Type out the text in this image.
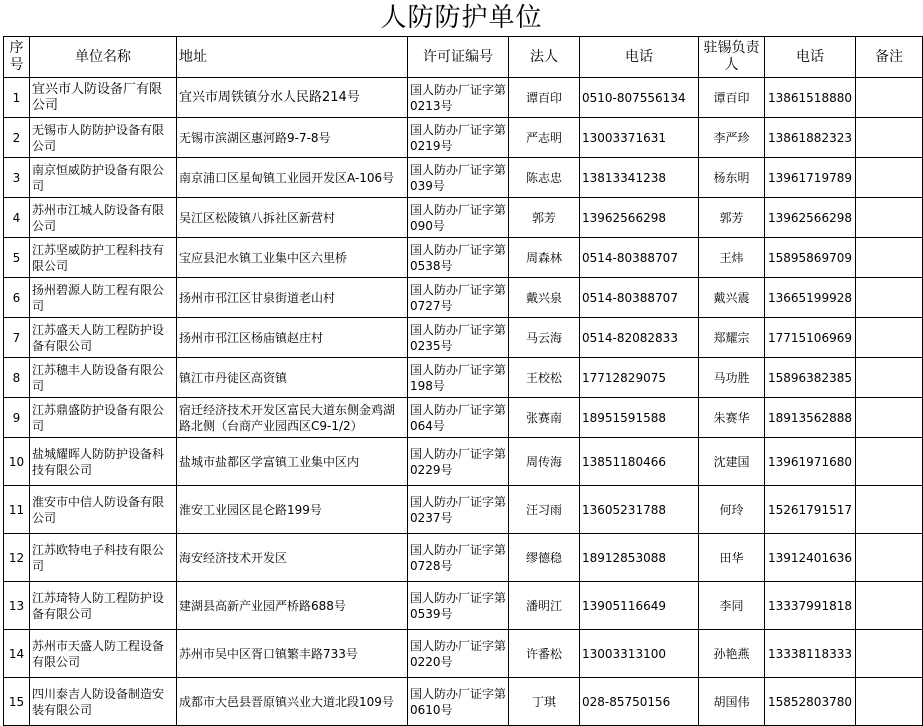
人防防护单位
序号	单位名称	地址	许可证编号	法人	电话	驻锡负责人	电话	备注
1	宜兴市人防设备厂有限公司	宜兴市周铁镇分水人民路214号	国人防办厂证字第0213号	谭百印	0510-807556134	谭百印	13861518880	
2	无锡市人防防护设备有限公司	无锡市滨湖区惠河路9-7-8号	国人防办厂证字第0219号	严志明	13003371631	李严珍	13861882323	
3	南京恒威防护设备有限公司	南京浦口区星甸镇工业园开发区A-106号	国人防办厂证字第039号	陈志忠	13813341238	杨东明	13961719789	
4	苏州市江城人防设备有限公司	吴江区松陵镇八拆社区新营村	国人防办厂证字第090号	郭芳	13962566298	郭芳	13962566298	
5	江苏坚威防护工程科技有限公司	宝应县汜水镇工业集中区六里桥	国人防办厂证字第0538号	周森林	0514-80388707	王炜	15895869709	
6	扬州碧源人防工程有限公司	扬州市邗江区甘泉街道老山村	国人防办厂证字第0727号	戴兴泉	0514-80388707	戴兴震	13665199928	
7	江苏盛天人防工程防护设备有限公司	扬州市邗江区杨庙镇赵庄村	国人防办厂证字第0235号	马云海	0514-82082833	郑耀宗	17715106969	
8	江苏穗丰人防设备有限公司	镇江市丹徒区高资镇	国人防办厂证字第198号	王校松	17712829075	马功胜	15896382385	
9	江苏鼎盛防护设备有限公司	宿迁经济技术开发区富民大道东侧金鸡湖路北侧（台商产业园西区C9-1/2）	国人防办厂证字第064号	张赛南	18951591588	朱赛华	18913562888	
10	盐城耀晖人防防护设备科技有限公司	盐城市盐都区学富镇工业集中区内	国人防办厂证字第0229号	周传海	13851180466	沈建国	13961971680	
11	淮安市中信人防设备有限公司	淮安工业园区昆仑路199号	国人防办厂证字第0237号	汪习雨	13605231788	何玲	15261791517	
12	江苏欧特电子科技有限公司	海安经济技术开发区	国人防办厂证字第0728号	缪德稳	18912853088	田华	13912401636	
13	江苏琦特人防工程防护设备有限公司	建湖县高新产业园严桥路688号	国人防办厂证字第0539号	潘明江	13905116649	李同	13337991818	
14	苏州市天盛人防工程设备有限公司	苏州市吴中区胥口镇繁丰路733号	国人防办厂证字第0220号	许番松	13003313100	孙艳燕	13338118333	
15	四川泰吉人防设备制造安装有限公司	成都市大邑县晋原镇兴业大道北段109号	国人防办厂证字第0610号	丁琪	028-85750156	胡国伟	15852803780	
